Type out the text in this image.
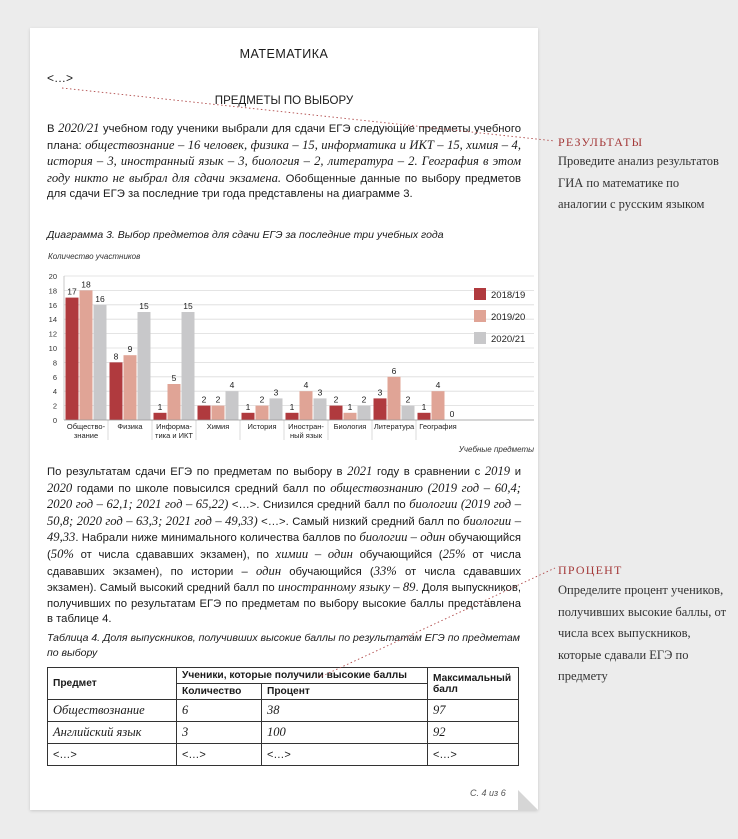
МАТЕМАТИКА
<…>
ПРЕДМЕТЫ ПО ВЫБОРУ
В 2020/21 учебном году ученики выбрали для сдачи ЕГЭ следующие предметы учебного плана: обществознание – 16 человек, физика – 15, информатика и ИКТ – 15, химия – 4, история – 3, иностранный язык – 3, биология – 2, литература – 2. География в этом году никто не выбрал для сдачи экзамена. Обобщенные данные по выбору предметов для сдачи ЕГЭ за последние три года представлены на диаграмме 3.
Диаграмма 3. Выбор предметов для сдачи ЕГЭ за последние три учебных года
Количество участников
0
2
4
6
8
10
12
14
16
18
20
17
18
16
Общество-
знание
8
9
15
Физика
1
5
15
Информа-
тика и ИКТ
2 2
4
Химия
1
2
3
История
1
4
3
Иностран-
ный язык
2
1
2
Биология
3
6
2
Литература
1
4
0
География
2018/19
2019/20
2020/21
Учебные предметы
По результатам сдачи ЕГЭ по предметам по выбору в 2021 году в сравнении с 2019 и 2020 годами по школе повысился средний балл по обществознанию (2019 год – 60,4; 2020 год – 62,1; 2021 год – 65,22) <…>. Снизился средний балл по биологии (2019 год – 50,8; 2020 год – 63,3; 2021 год – 49,33) <…>. Самый низкий средний балл по биологии – 49,33. Набрали ниже минимального количества баллов по биологии – один обучающийся (50% от числа сдававших экзамен), по химии – один обучающийся (25% от числа сдававших экзамен), по истории – один обучающийся (33% от числа сдававших экзамен). Самый высокий средний балл по иностранному языку – 89. Доля выпускников, получивших по результатам ЕГЭ по предметам по выбору высокие баллы представлена в таблице 4.
Таблица 4. Доля выпускников, получивших высокие баллы по результатам ЕГЭ по предметам по выбору
Предмет	Ученики, которые получили высокие баллы		Максимальный балл
	Количество	Процент	
Обществознание	6	38	97
Английский язык	3	100	92
<…>	<…>	<…>	<…>
С. 4 из 6
РЕЗУЛЬТАТЫ
Проведите анализ результатов ГИА по математике по аналогии с русским языком
ПРОЦЕНТ
Определите процент учеников, получивших высокие баллы, от числа всех выпускников, которые сдавали ЕГЭ по предмету
